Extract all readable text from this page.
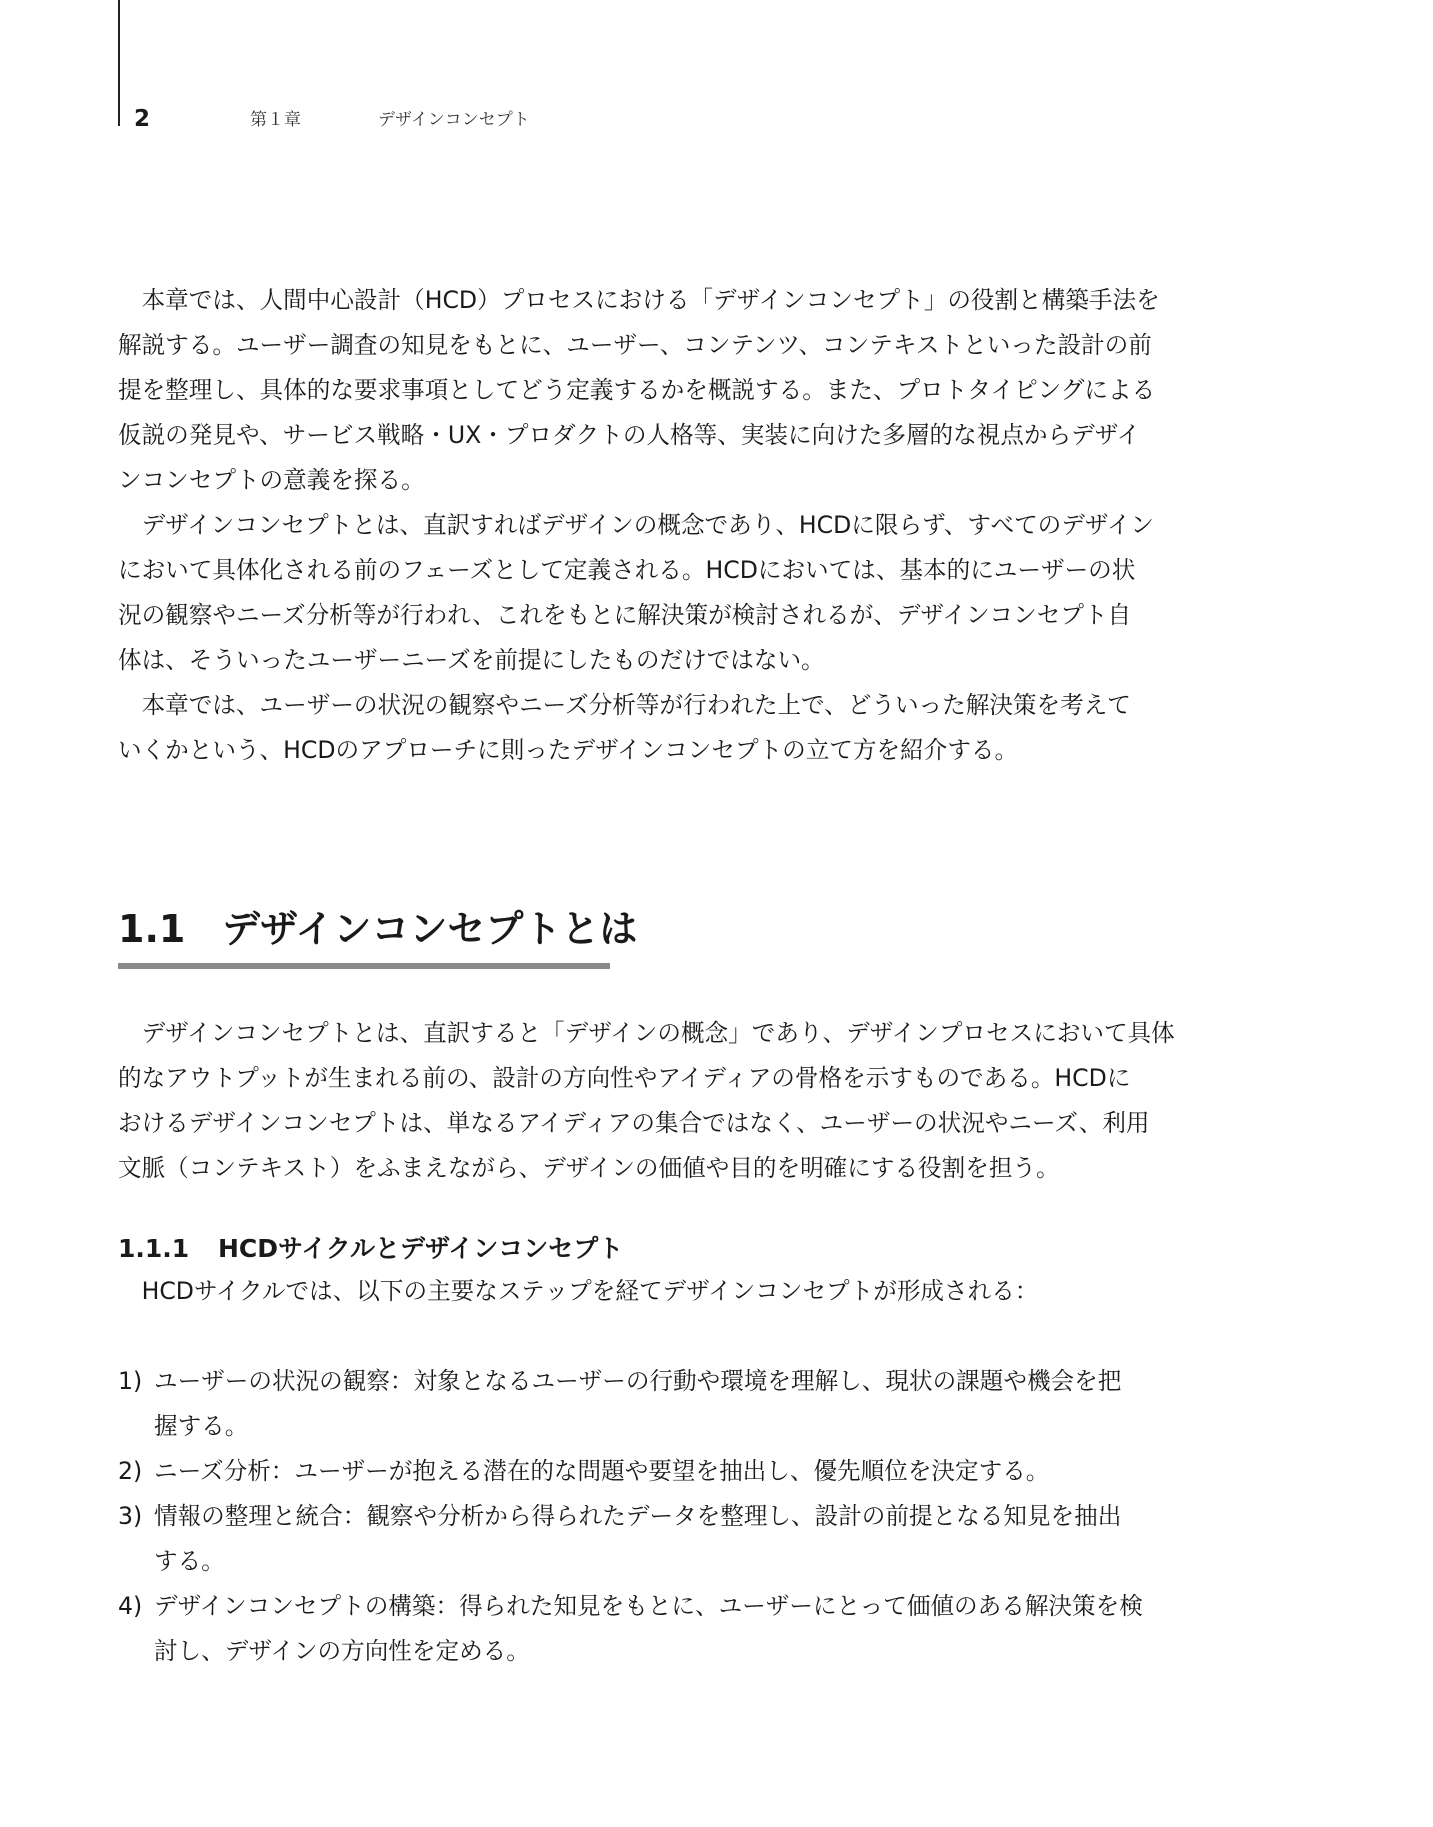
2	第１章	デザインコンセプト

本章では、人間中心設計（HCD）プロセスにおける「デザインコンセプト」の役割と構築手法を
解説する。ユーザー調査の知見をもとに、ユーザー、コンテンツ、コンテキストといった設計の前
提を整理し、具体的な要求事項としてどう定義するかを概説する。また、プロトタイピングによる
仮説の発見や、サービス戦略・UX・プロダクトの人格等、実装に向けた多層的な視点からデザイ
ンコンセプトの意義を探る。

デザインコンセプトとは、直訳すればデザインの概念であり、HCDに限らず、すべてのデザイン
において具体化される前のフェーズとして定義される。HCDにおいては、基本的にユーザーの状
況の観察やニーズ分析等が行われ、これをもとに解決策が検討されるが、デザインコンセプト自
体は、そういったユーザーニーズを前提にしたものだけではない。

本章では、ユーザーの状況の観察やニーズ分析等が行われた上で、どういった解決策を考えて
いくかという、HCDのアプローチに則ったデザインコンセプトの立て方を紹介する。

1.1 デザインコンセプトとは

デザインコンセプトとは、直訳すると「デザインの概念」であり、デザインプロセスにおいて具体
的なアウトプットが生まれる前の、設計の方向性やアイディアの骨格を示すものである。HCDに
おけるデザインコンセプトは、単なるアイディアの集合ではなく、ユーザーの状況やニーズ、利用
文脈（コンテキスト）をふまえながら、デザインの価値や目的を明確にする役割を担う。

1.1.1 HCDサイクルとデザインコンセプト

HCDサイクルでは、以下の主要なステップを経てデザインコンセプトが形成される：

1) ユーザーの状況の観察：対象となるユーザーの行動や環境を理解し、現状の課題や機会を把
握する。
2) ニーズ分析：ユーザーが抱える潜在的な問題や要望を抽出し、優先順位を決定する。
3) 情報の整理と統合：観察や分析から得られたデータを整理し、設計の前提となる知見を抽出
する。
4) デザインコンセプトの構築：得られた知見をもとに、ユーザーにとって価値のある解決策を検
討し、デザインの方向性を定める。
